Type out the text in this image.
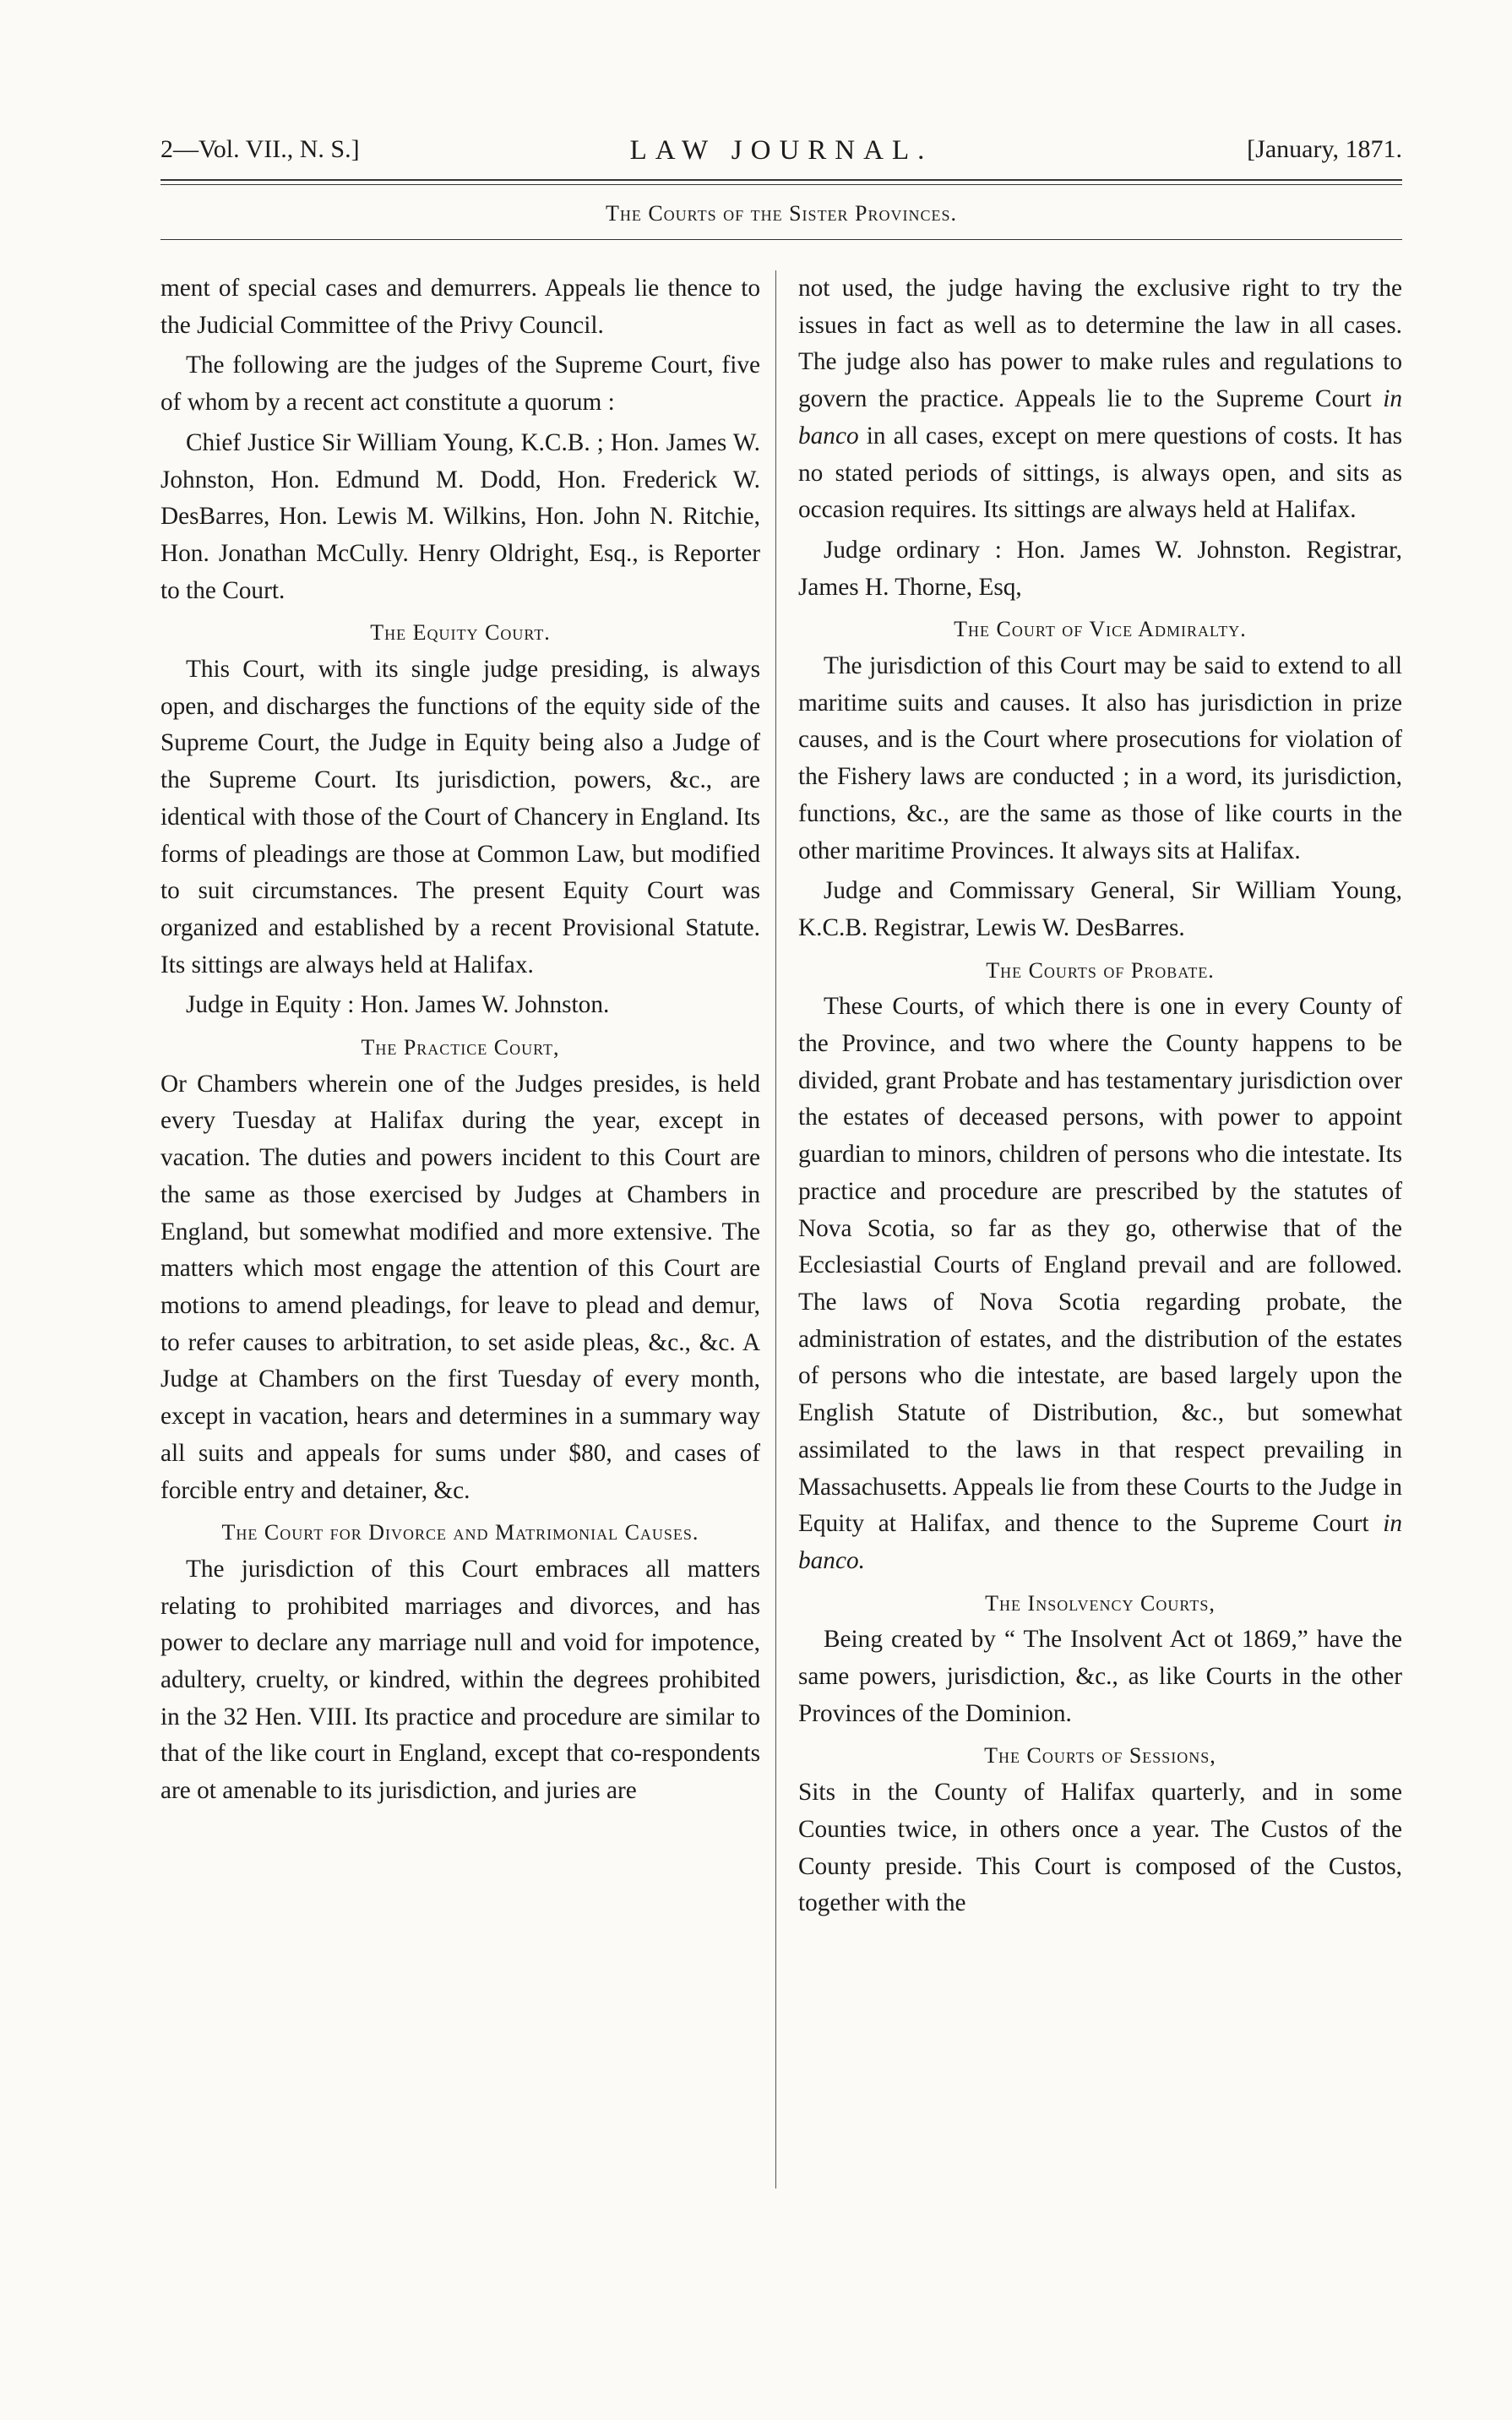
2—Vol. VII., N. S.]	LAW JOURNAL.	[January, 1871.
The Courts of the Sister Provinces.

ment of special cases and demurrers. Appeals lie thence to the Judicial Committee of the Privy Council.

The following are the judges of the Supreme Court, five of whom by a recent act constitute a quorum :

Chief Justice Sir William Young, K.C.B. ; Hon. James W. Johnston, Hon. Edmund M. Dodd, Hon. Frederick W. DesBarres, Hon. Lewis M. Wilkins, Hon. John N. Ritchie, Hon. Jonathan McCully. Henry Oldright, Esq., is Reporter to the Court.

The Equity Court.

This Court, with its single judge presiding, is always open, and discharges the functions of the equity side of the Supreme Court, the Judge in Equity being also a Judge of the Supreme Court. Its jurisdiction, powers, &c., are identical with those of the Court of Chancery in England. Its forms of pleadings are those at Common Law, but modified to suit circumstances. The present Equity Court was organized and established by a recent Provisional Statute. Its sittings are always held at Halifax.

Judge in Equity : Hon. James W. Johnston.

The Practice Court,

Or Chambers wherein one of the Judges presides, is held every Tuesday at Halifax during the year, except in vacation. The duties and powers incident to this Court are the same as those exercised by Judges at Chambers in England, but somewhat modified and more extensive. The matters which most engage the attention of this Court are motions to amend pleadings, for leave to plead and demur, to refer causes to arbitration, to set aside pleas, &c., &c. A Judge at Chambers on the first Tuesday of every month, except in vacation, hears and determines in a summary way all suits and appeals for sums under $80, and cases of forcible entry and detainer, &c.

The Court for Divorce and Matrimonial Causes.

The jurisdiction of this Court embraces all matters relating to prohibited marriages and divorces, and has power to declare any marriage null and void for impotence, adultery, cruelty, or kindred, within the degrees prohibited in the 32 Hen. VIII. Its practice and procedure are similar to that of the like court in England, except that co-respondents are ot amenable to its jurisdiction, and juries are

not used, the judge having the exclusive right to try the issues in fact as well as to determine the law in all cases. The judge also has power to make rules and regulations to govern the practice. Appeals lie to the Supreme Court in banco in all cases, except on mere questions of costs. It has no stated periods of sittings, is always open, and sits as occasion requires. Its sittings are always held at Halifax.

Judge ordinary : Hon. James W. Johnston. Registrar, James H. Thorne, Esq,

The Court of Vice Admiralty.

The jurisdiction of this Court may be said to extend to all maritime suits and causes. It also has jurisdiction in prize causes, and is the Court where prosecutions for violation of the Fishery laws are conducted ; in a word, its jurisdiction, functions, &c., are the same as those of like courts in the other maritime Provinces. It always sits at Halifax.

Judge and Commissary General, Sir William Young, K.C.B. Registrar, Lewis W. DesBarres.

The Courts of Probate.

These Courts, of which there is one in every County of the Province, and two where the County happens to be divided, grant Probate and has testamentary jurisdiction over the estates of deceased persons, with power to appoint guardian to minors, children of persons who die intestate. Its practice and procedure are prescribed by the statutes of Nova Scotia, so far as they go, otherwise that of the Ecclesiastial Courts of England prevail and are followed. The laws of Nova Scotia regarding probate, the administration of estates, and the distribution of the estates of persons who die intestate, are based largely upon the English Statute of Distribution, &c., but somewhat assimilated to the laws in that respect prevailing in Massachusetts. Appeals lie from these Courts to the Judge in Equity at Halifax, and thence to the Supreme Court in banco.

The Insolvency Courts,

Being created by “ The Insolvent Act ot 1869,” have the same powers, jurisdiction, &c., as like Courts in the other Provinces of the Dominion.

The Courts of Sessions,

Sits in the County of Halifax quarterly, and in some Counties twice, in others once a year. The Custos of the County preside. This Court is composed of the Custos, together with the
